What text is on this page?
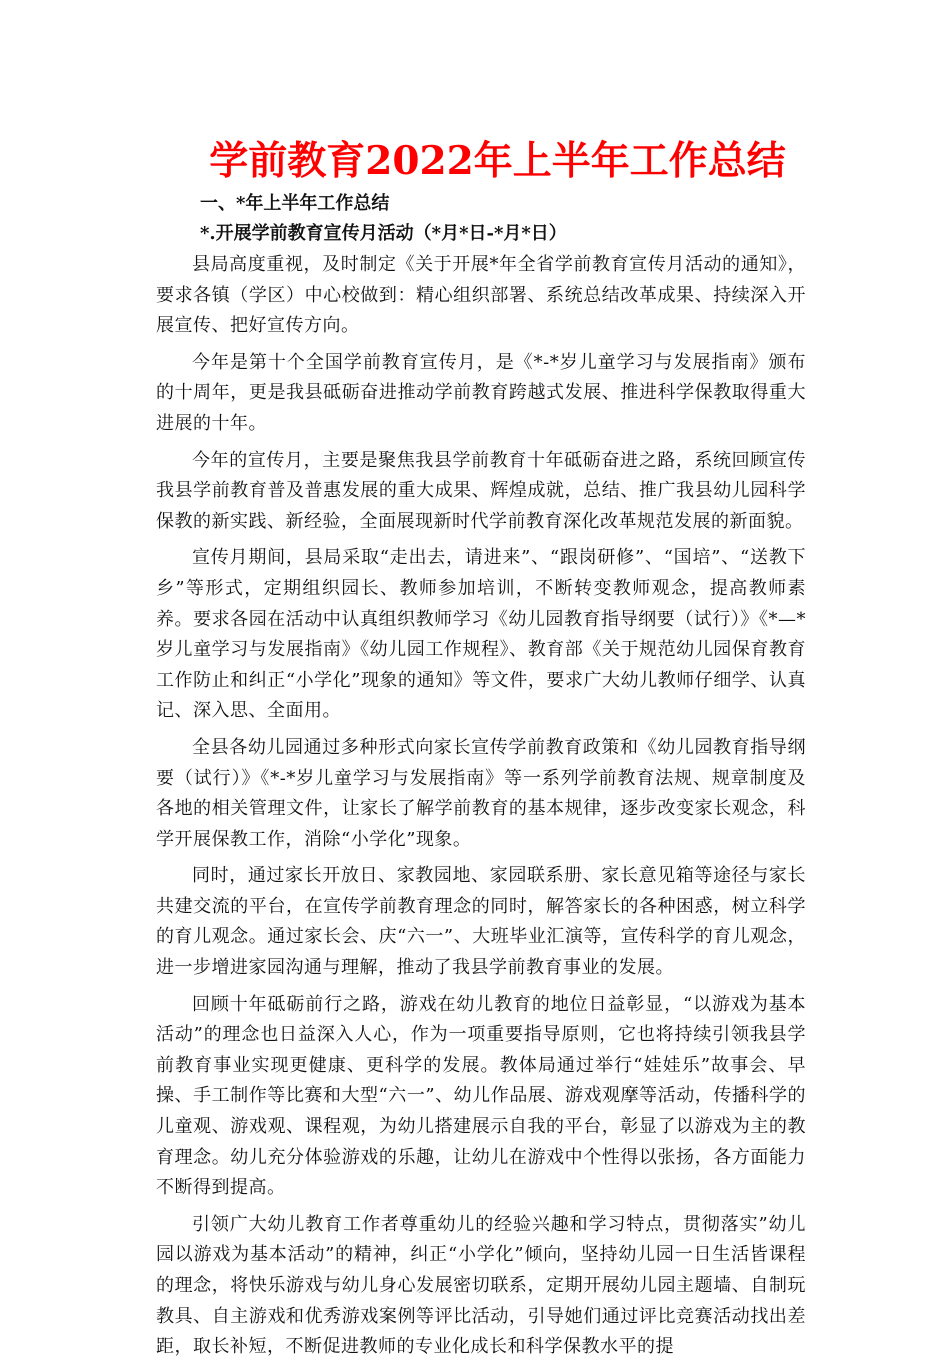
学前教育2022年上半年工作总结
一、*年上半年工作总结
*.开展学前教育宣传月活动（*月*日-*月*日）

县局高度重视，及时制定《关于开展*年全省学前教育宣传月活动的通知》，要求各镇（学区）中心校做到：精心组织部署、系统总结改革成果、持续深入开展宣传、把好宣传方向。

今年是第十个全国学前教育宣传月，是《*-*岁儿童学习与发展指南》颁布的十周年，更是我县砥砺奋进推动学前教育跨越式发展、推进科学保教取得重大进展的十年。

今年的宣传月，主要是聚焦我县学前教育十年砥砺奋进之路，系统回顾宣传我县学前教育普及普惠发展的重大成果、辉煌成就，总结、推广我县幼儿园科学保教的新实践、新经验，全面展现新时代学前教育深化改革规范发展的新面貌。

宣传月期间，县局采取“走出去，请进来”、“跟岗研修”、“国培”、“送教下乡”等形式，定期组织园长、教师参加培训，不断转变教师观念，提高教师素养。要求各园在活动中认真组织教师学习《幼儿园教育指导纲要（试行）》《*—*岁儿童学习与发展指南》《幼儿园工作规程》、教育部《关于规范幼儿园保育教育工作防止和纠正“小学化”现象的通知》等文件，要求广大幼儿教师仔细学、认真记、深入思、全面用。

全县各幼儿园通过多种形式向家长宣传学前教育政策和《幼儿园教育指导纲要（试行）》《*-*岁儿童学习与发展指南》等一系列学前教育法规、规章制度及各地的相关管理文件，让家长了解学前教育的基本规律，逐步改变家长观念，科学开展保教工作，消除“小学化”现象。

同时，通过家长开放日、家教园地、家园联系册、家长意见箱等途径与家长共建交流的平台，在宣传学前教育理念的同时，解答家长的各种困惑，树立科学的育儿观念。通过家长会、庆“六一”、大班毕业汇演等，宣传科学的育儿观念，进一步增进家园沟通与理解，推动了我县学前教育事业的发展。

回顾十年砥砺前行之路，游戏在幼儿教育的地位日益彰显，“以游戏为基本活动”的理念也日益深入人心，作为一项重要指导原则，它也将持续引领我县学前教育事业实现更健康、更科学的发展。教体局通过举行“娃娃乐”故事会、早操、手工制作等比赛和大型“六一”、幼儿作品展、游戏观摩等活动，传播科学的儿童观、游戏观、课程观，为幼儿搭建展示自我的平台，彰显了以游戏为主的教育理念。幼儿充分体验游戏的乐趣，让幼儿在游戏中个性得以张扬，各方面能力不断得到提高。

引领广大幼儿教育工作者尊重幼儿的经验兴趣和学习特点，贯彻落实”幼儿园以游戏为基本活动”的精神，纠正“小学化”倾向，坚持幼儿园一日生活皆课程的理念，将快乐游戏与幼儿身心发展密切联系，定期开展幼儿园主题墙、自制玩教具、自主游戏和优秀游戏案例等评比活动，引导她们通过评比竞赛活动找出差距，取长补短，不断促进教师的专业化成长和科学保教水平的提
